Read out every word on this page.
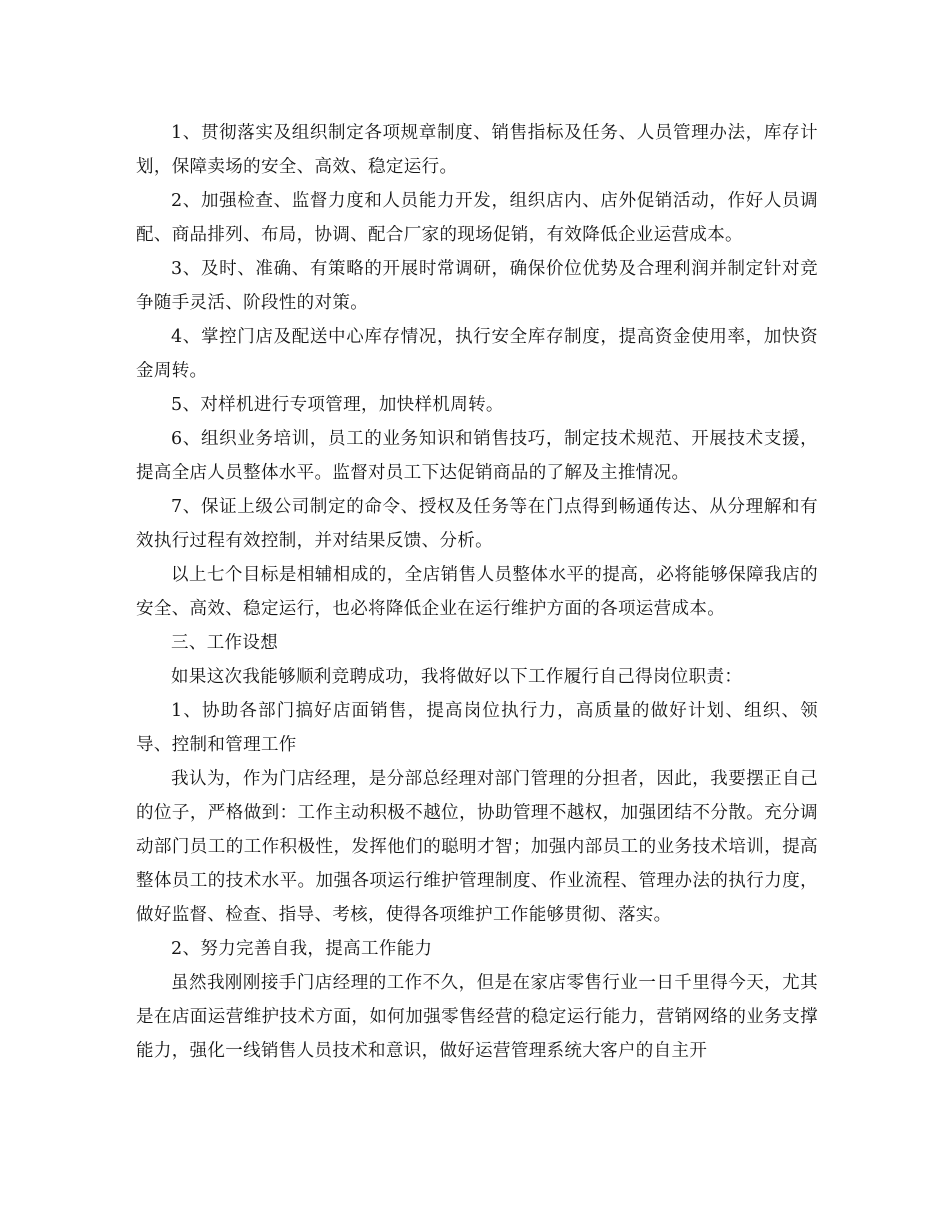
1、贯彻落实及组织制定各项规章制度、销售指标及任务、人员管理办法，库存计划，保障卖场的安全、高效、稳定运行。

2、加强检查、监督力度和人员能力开发，组织店内、店外促销活动，作好人员调配、商品排列、布局，协调、配合厂家的现场促销，有效降低企业运营成本。

3、及时、准确、有策略的开展时常调研，确保价位优势及合理利润并制定针对竞争随手灵活、阶段性的对策。

4、掌控门店及配送中心库存情况，执行安全库存制度，提高资金使用率，加快资金周转。

5、对样机进行专项管理，加快样机周转。

6、组织业务培训，员工的业务知识和销售技巧，制定技术规范、开展技术支援，提高全店人员整体水平。监督对员工下达促销商品的了解及主推情况。

7、保证上级公司制定的命令、授权及任务等在门点得到畅通传达、从分理解和有效执行过程有效控制，并对结果反馈、分析。

以上七个目标是相辅相成的，全店销售人员整体水平的提高，必将能够保障我店的安全、高效、稳定运行，也必将降低企业在运行维护方面的各项运营成本。

三、工作设想

如果这次我能够顺利竞聘成功，我将做好以下工作履行自己得岗位职责：

1、协助各部门搞好店面销售，提高岗位执行力，高质量的做好计划、组织、领导、控制和管理工作

我认为，作为门店经理，是分部总经理对部门管理的分担者，因此，我要摆正自己的位子，严格做到：工作主动积极不越位，协助管理不越权，加强团结不分散。充分调动部门员工的工作积极性，发挥他们的聪明才智；加强内部员工的业务技术培训，提高整体员工的技术水平。加强各项运行维护管理制度、作业流程、管理办法的执行力度，做好监督、检查、指导、考核，使得各项维护工作能够贯彻、落实。

2、努力完善自我，提高工作能力

虽然我刚刚接手门店经理的工作不久，但是在家店零售行业一日千里得今天，尤其是在店面运营维护技术方面，如何加强零售经营的稳定运行能力，营销网络的业务支撑能力，强化一线销售人员技术和意识，做好运营管理系统大客户的自主开
